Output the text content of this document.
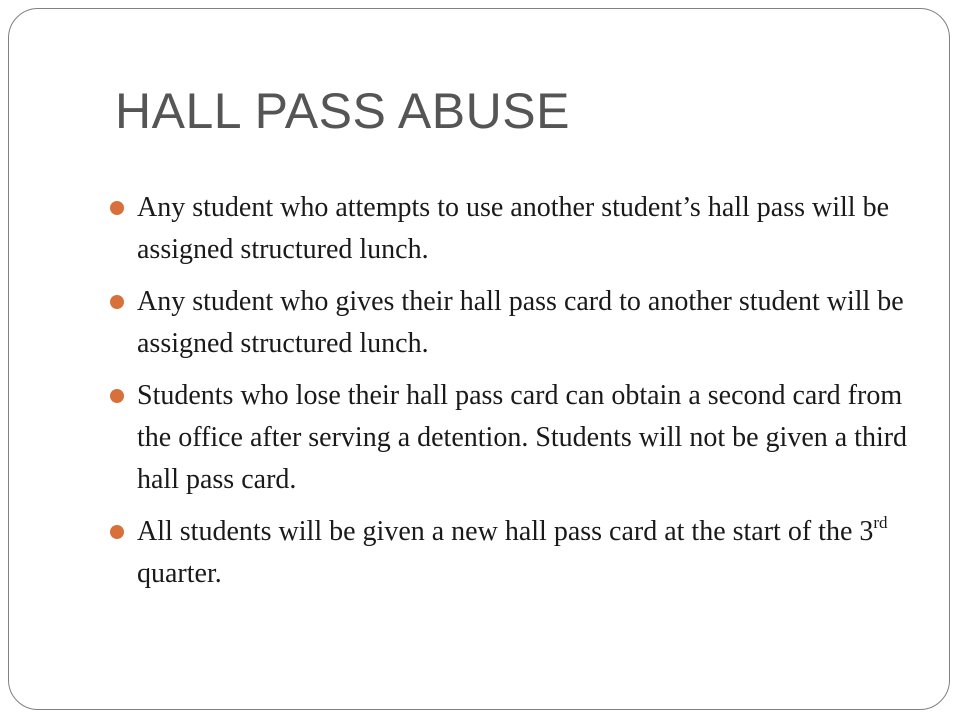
HALL PASS ABUSE
Any student who attempts to use another student’s hall pass will be assigned structured lunch.
Any student who gives their hall pass card to another student will be assigned structured lunch.
Students who lose their hall pass card can obtain a second card from the office after serving a detention. Students will not be given a third hall pass card.
All students will be given a new hall pass card at the start of the 3rd quarter.
